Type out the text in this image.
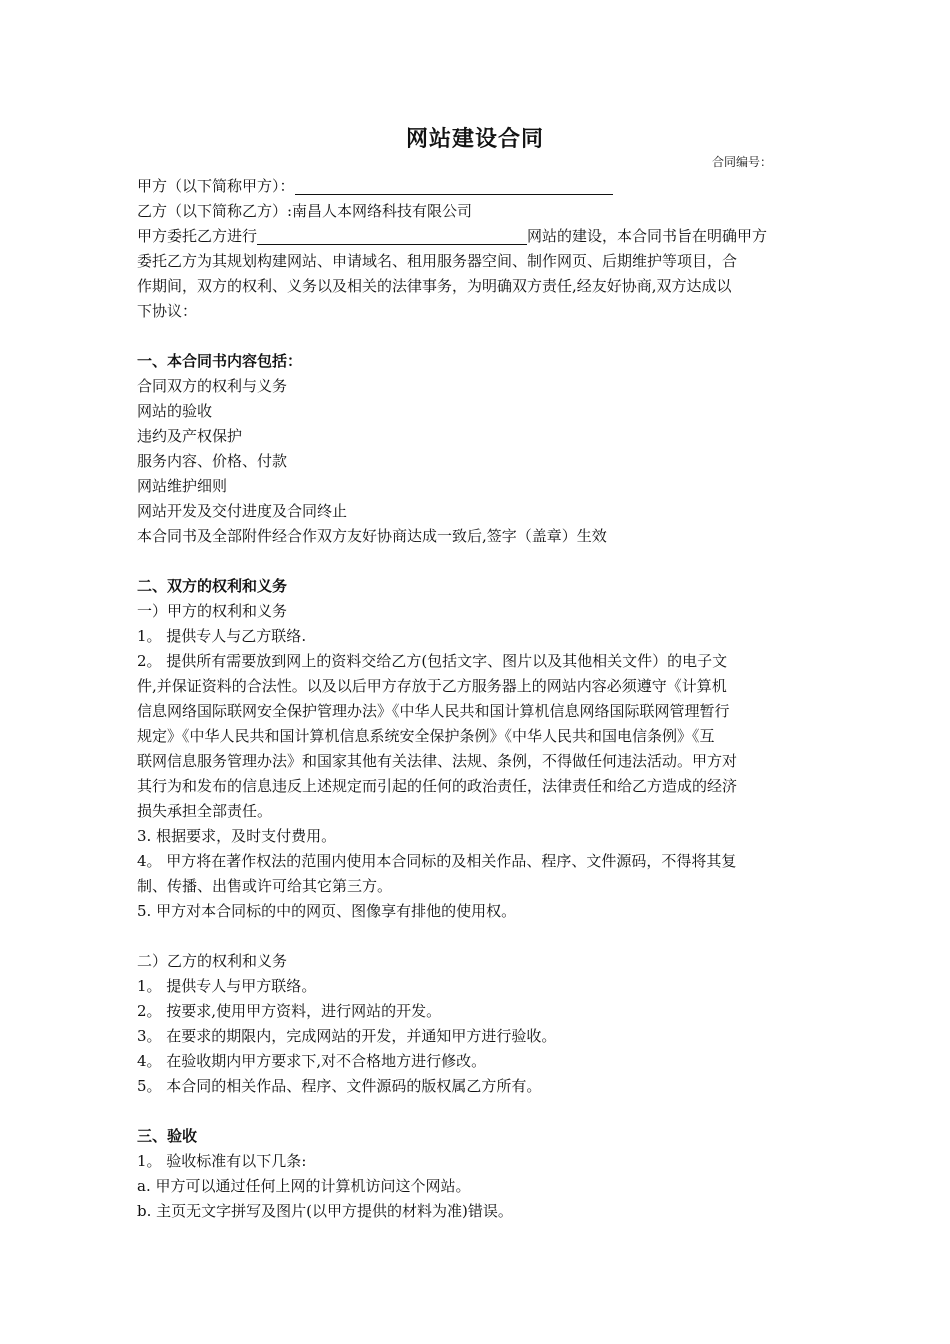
网站建设合同
合同编号：

甲方（以下简称甲方）：

乙方（以下简称乙方）:南昌人本网络科技有限公司

甲方委托乙方进行	网站的建设，本合同书旨在明确甲方

委托乙方为其规划构建网站、申请域名、租用服务器空间、制作网页、后期维护等项目，合

作期间，双方的权利、义务以及相关的法律事务，为明确双方责任,经友好协商,双方达成以

下协议：

一、本合同书内容包括：

合同双方的权利与义务

网站的验收

违约及产权保护

服务内容、价格、付款

网站维护细则

网站开发及交付进度及合同终止

本合同书及全部附件经合作双方友好协商达成一致后,签字（盖章）生效

二、双方的权利和义务

一）甲方的权利和义务

1。 提供专人与乙方联络.

2。 提供所有需要放到网上的资料交给乙方(包括文字、图片以及其他相关文件）的电子文

件,并保证资料的合法性。以及以后甲方存放于乙方服务器上的网站内容必须遵守《计算机

信息网络国际联网安全保护管理办法》《中华人民共和国计算机信息网络国际联网管理暂行

规定》《中华人民共和国计算机信息系统安全保护条例》《中华人民共和国电信条例》《互

联网信息服务管理办法》和国家其他有关法律、法规、条例，不得做任何违法活动。甲方对

其行为和发布的信息违反上述规定而引起的任何的政治责任，法律责任和给乙方造成的经济

损失承担全部责任。

3. 根据要求，及时支付费用。

4。 甲方将在著作权法的范围内使用本合同标的及相关作品、程序、文件源码，不得将其复

制、传播、出售或许可给其它第三方。

5. 甲方对本合同标的中的网页、图像享有排他的使用权。

二）乙方的权利和义务

1。 提供专人与甲方联络。

2。 按要求,使用甲方资料，进行网站的开发。

3。 在要求的期限内，完成网站的开发，并通知甲方进行验收。

4。 在验收期内甲方要求下,对不合格地方进行修改。

5。 本合同的相关作品、程序、文件源码的版权属乙方所有。

三、验收

1。 验收标准有以下几条:

a. 甲方可以通过任何上网的计算机访问这个网站。

b. 主页无文字拼写及图片(以甲方提供的材料为准)错误。
